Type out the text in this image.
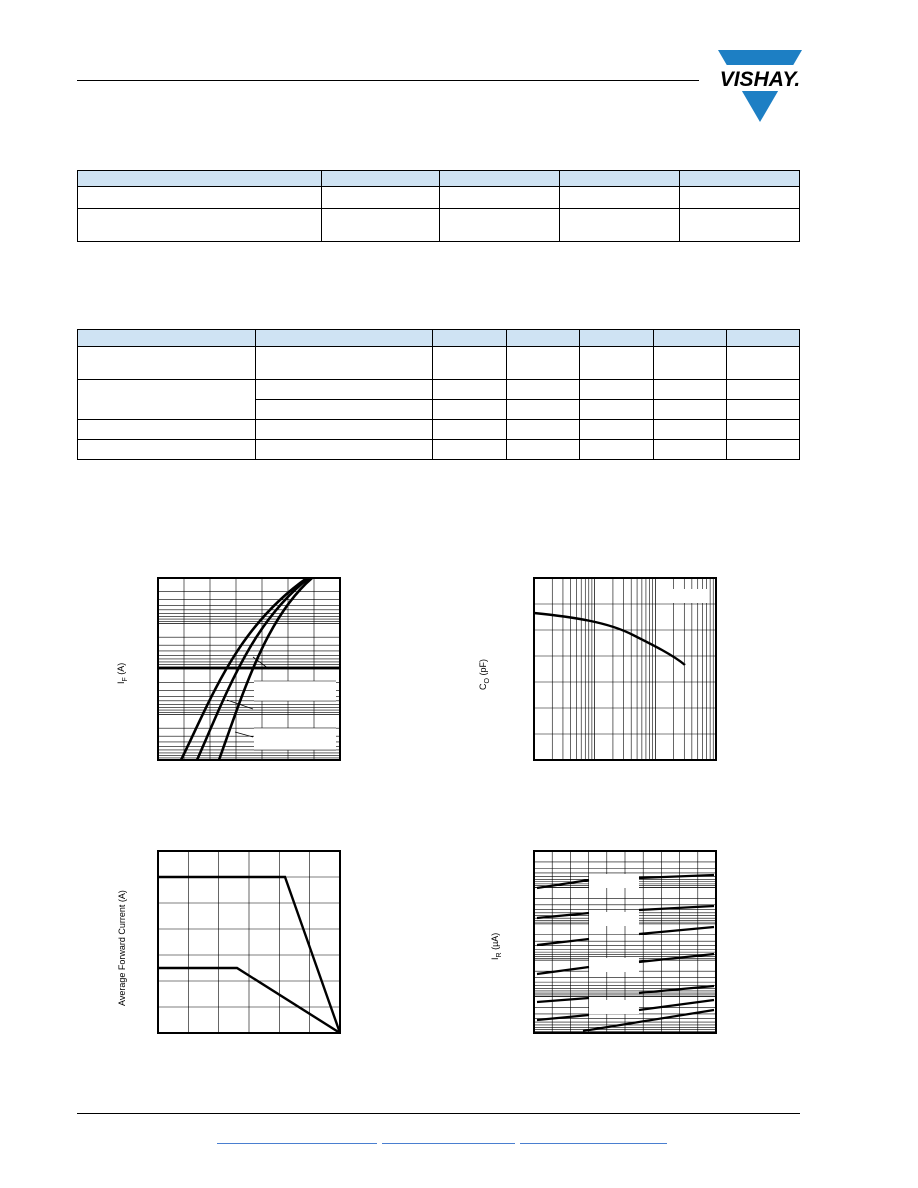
VISHAY.

$I_F$ (A)
$C_O$ (pF)
Average Forward Current (A)	$I_R$ (µA)
